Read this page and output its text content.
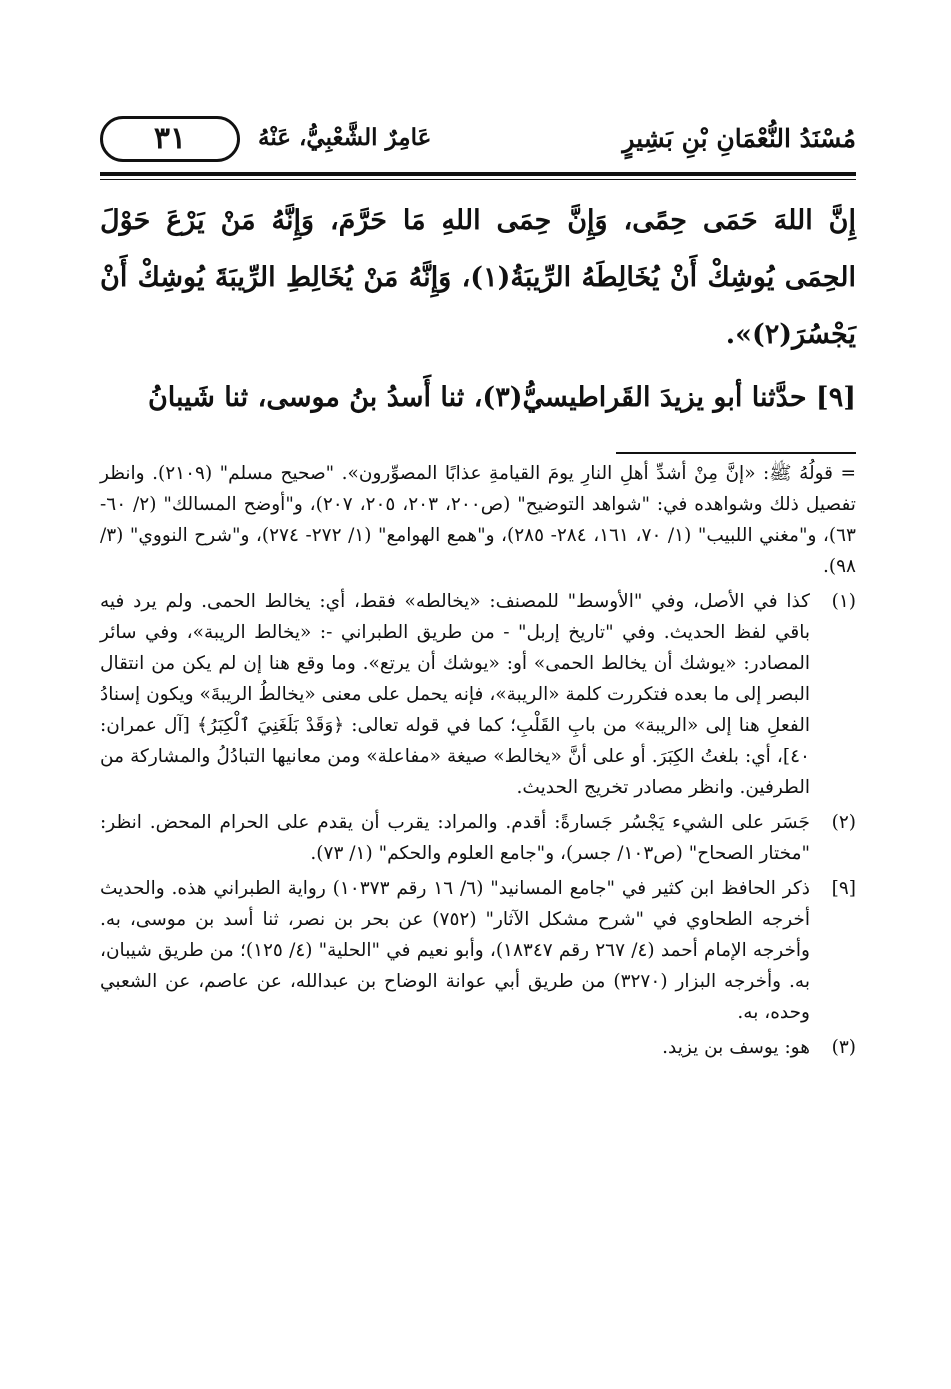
مُسْنَدُ النُّعْمَانِ بْنِ بَشِيرٍ
عَامِرٌ الشَّعْبِيُّ، عَنْهُ
٣١

إِنَّ اللهَ حَمَى حِمًى، وَإِنَّ حِمَى اللهِ مَا حَرَّمَ، وَإِنَّهُ مَنْ يَرْعَ حَوْلَ الحِمَى يُوشِكْ أَنْ يُخَالِطَهُ الرِّيبَةُ(١)، وَإِنَّهُ مَنْ يُخَالِطِ الرِّيبَةَ يُوشِكْ أَنْ يَجْسُرَ(٢)».

[٩] حدَّثنا أبو يزيدَ القَراطيسيُّ(٣)، ثنا أَسدُ بنُ موسى، ثنا شَيبانُ

= قولُهُ ﷺ: «إنَّ مِنْ أشدِّ أهلِ النارِ يومَ القيامةِ عذابًا المصوِّرون». "صحيح مسلم" (٢١٠٩). وانظر تفصيل ذلك وشواهده في: "شواهد التوضيح" (ص٢٠٠، ٢٠٣، ٢٠٥، ٢٠٧)، و"أوضح المسالك" (٢/ ٦٠- ٦٣)، و"مغني اللبيب" (١/ ٧٠، ١٦١، ٢٨٤- ٢٨٥)، و"همع الهوامع" (١/ ٢٧٢- ٢٧٤)، و"شرح النووي" (٣/ ٩٨).
(١)
كذا في الأصل، وفي "الأوسط" للمصنف: «يخالطه» فقط، أي: يخالط الحمى. ولم يرد فيه باقي لفظ الحديث. وفي "تاريخ إربل" - من طريق الطبراني -: «يخالط الريبة»، وفي سائر المصادر: «يوشك أن يخالط الحمى» أو: «يوشك أن يرتع». وما وقع هنا إن لم يكن من انتقال البصر إلى ما بعده فتكررت كلمة «الريبة»، فإنه يحمل على معنى «يخالطُ الريبةَ» ويكون إسنادُ الفعلِ هنا إلى «الريبة» من بابِ القَلْبِ؛ كما في قوله تعالى: ﴿وَقَدْ بَلَغَنِيَ ٱلْكِبَرُ﴾ [آل عمران: ٤٠]، أي: بلغتُ الكِبَرَ. أو على أنَّ «يخالط» صيغة «مفاعلة» ومن معانيها التبادُلُ والمشاركة من الطرفين. وانظر مصادر تخريج الحديث.
(٢)
جَسَر على الشيء يَجْسُر جَسارةً: أقدم. والمراد: يقرب أن يقدم على الحرام المحض. انظر: "مختار الصحاح" (ص١٠٣/ جسر)، و"جامع العلوم والحكم" (١/ ٧٣).
[٩]
ذكر الحافظ ابن كثير في "جامع المسانيد" (٦/ ١٦ رقم ١٠٣٧٣) رواية الطبراني هذه. والحديث أخرجه الطحاوي في "شرح مشكل الآثار" (٧٥٢) عن بحر بن نصر، ثنا أسد بن موسى، به. وأخرجه الإمام أحمد (٤/ ٢٦٧ رقم ١٨٣٤٧)، وأبو نعيم في "الحلية" (٤/ ١٢٥)؛ من طريق شيبان، به. وأخرجه البزار (٣٢٧٠) من طريق أبي عوانة الوضاح بن عبدالله، عن عاصم، عن الشعبي وحده، به.
(٣)
هو: يوسف بن يزيد.
